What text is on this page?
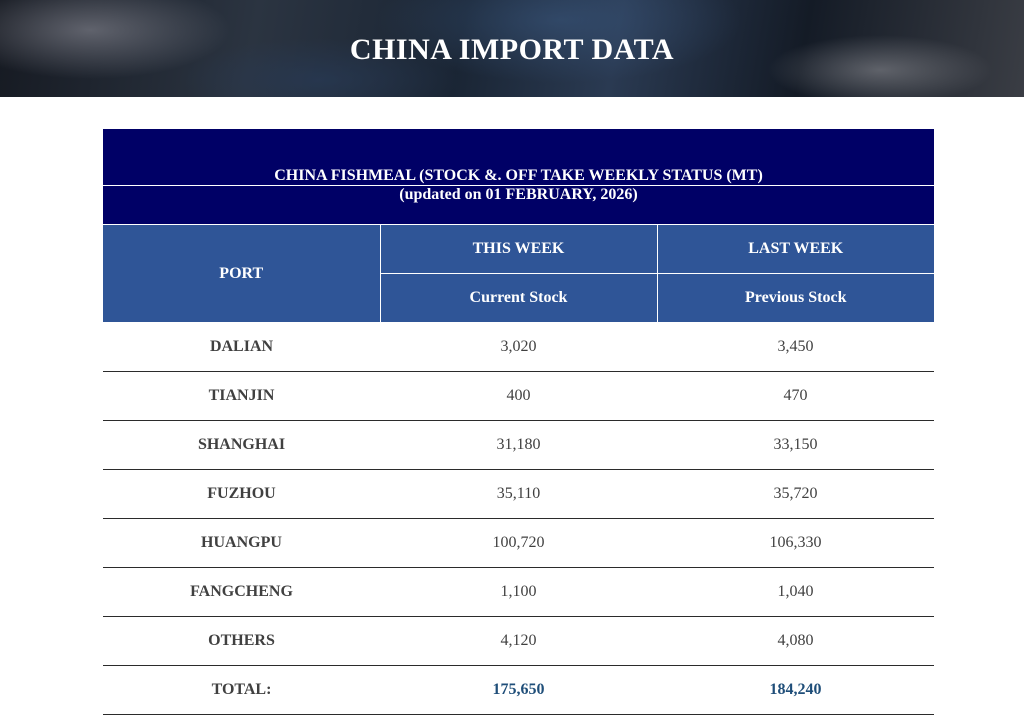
CHINA IMPORT DATA
CHINA FISHMEAL (STOCK &. OFF TAKE WEEKLY STATUS (MT)		
(updated on 01 FEBRUARY, 2026)		
PORT	THIS WEEK	LAST WEEK
	Current Stock	Previous Stock
DALIAN	3,020	3,450
TIANJIN	400	470
SHANGHAI	31,180	33,150
FUZHOU	35,110	35,720
HUANGPU	100,720	106,330
FANGCHENG	1,100	1,040
OTHERS	4,120	4,080
TOTAL:	175,650	184,240
